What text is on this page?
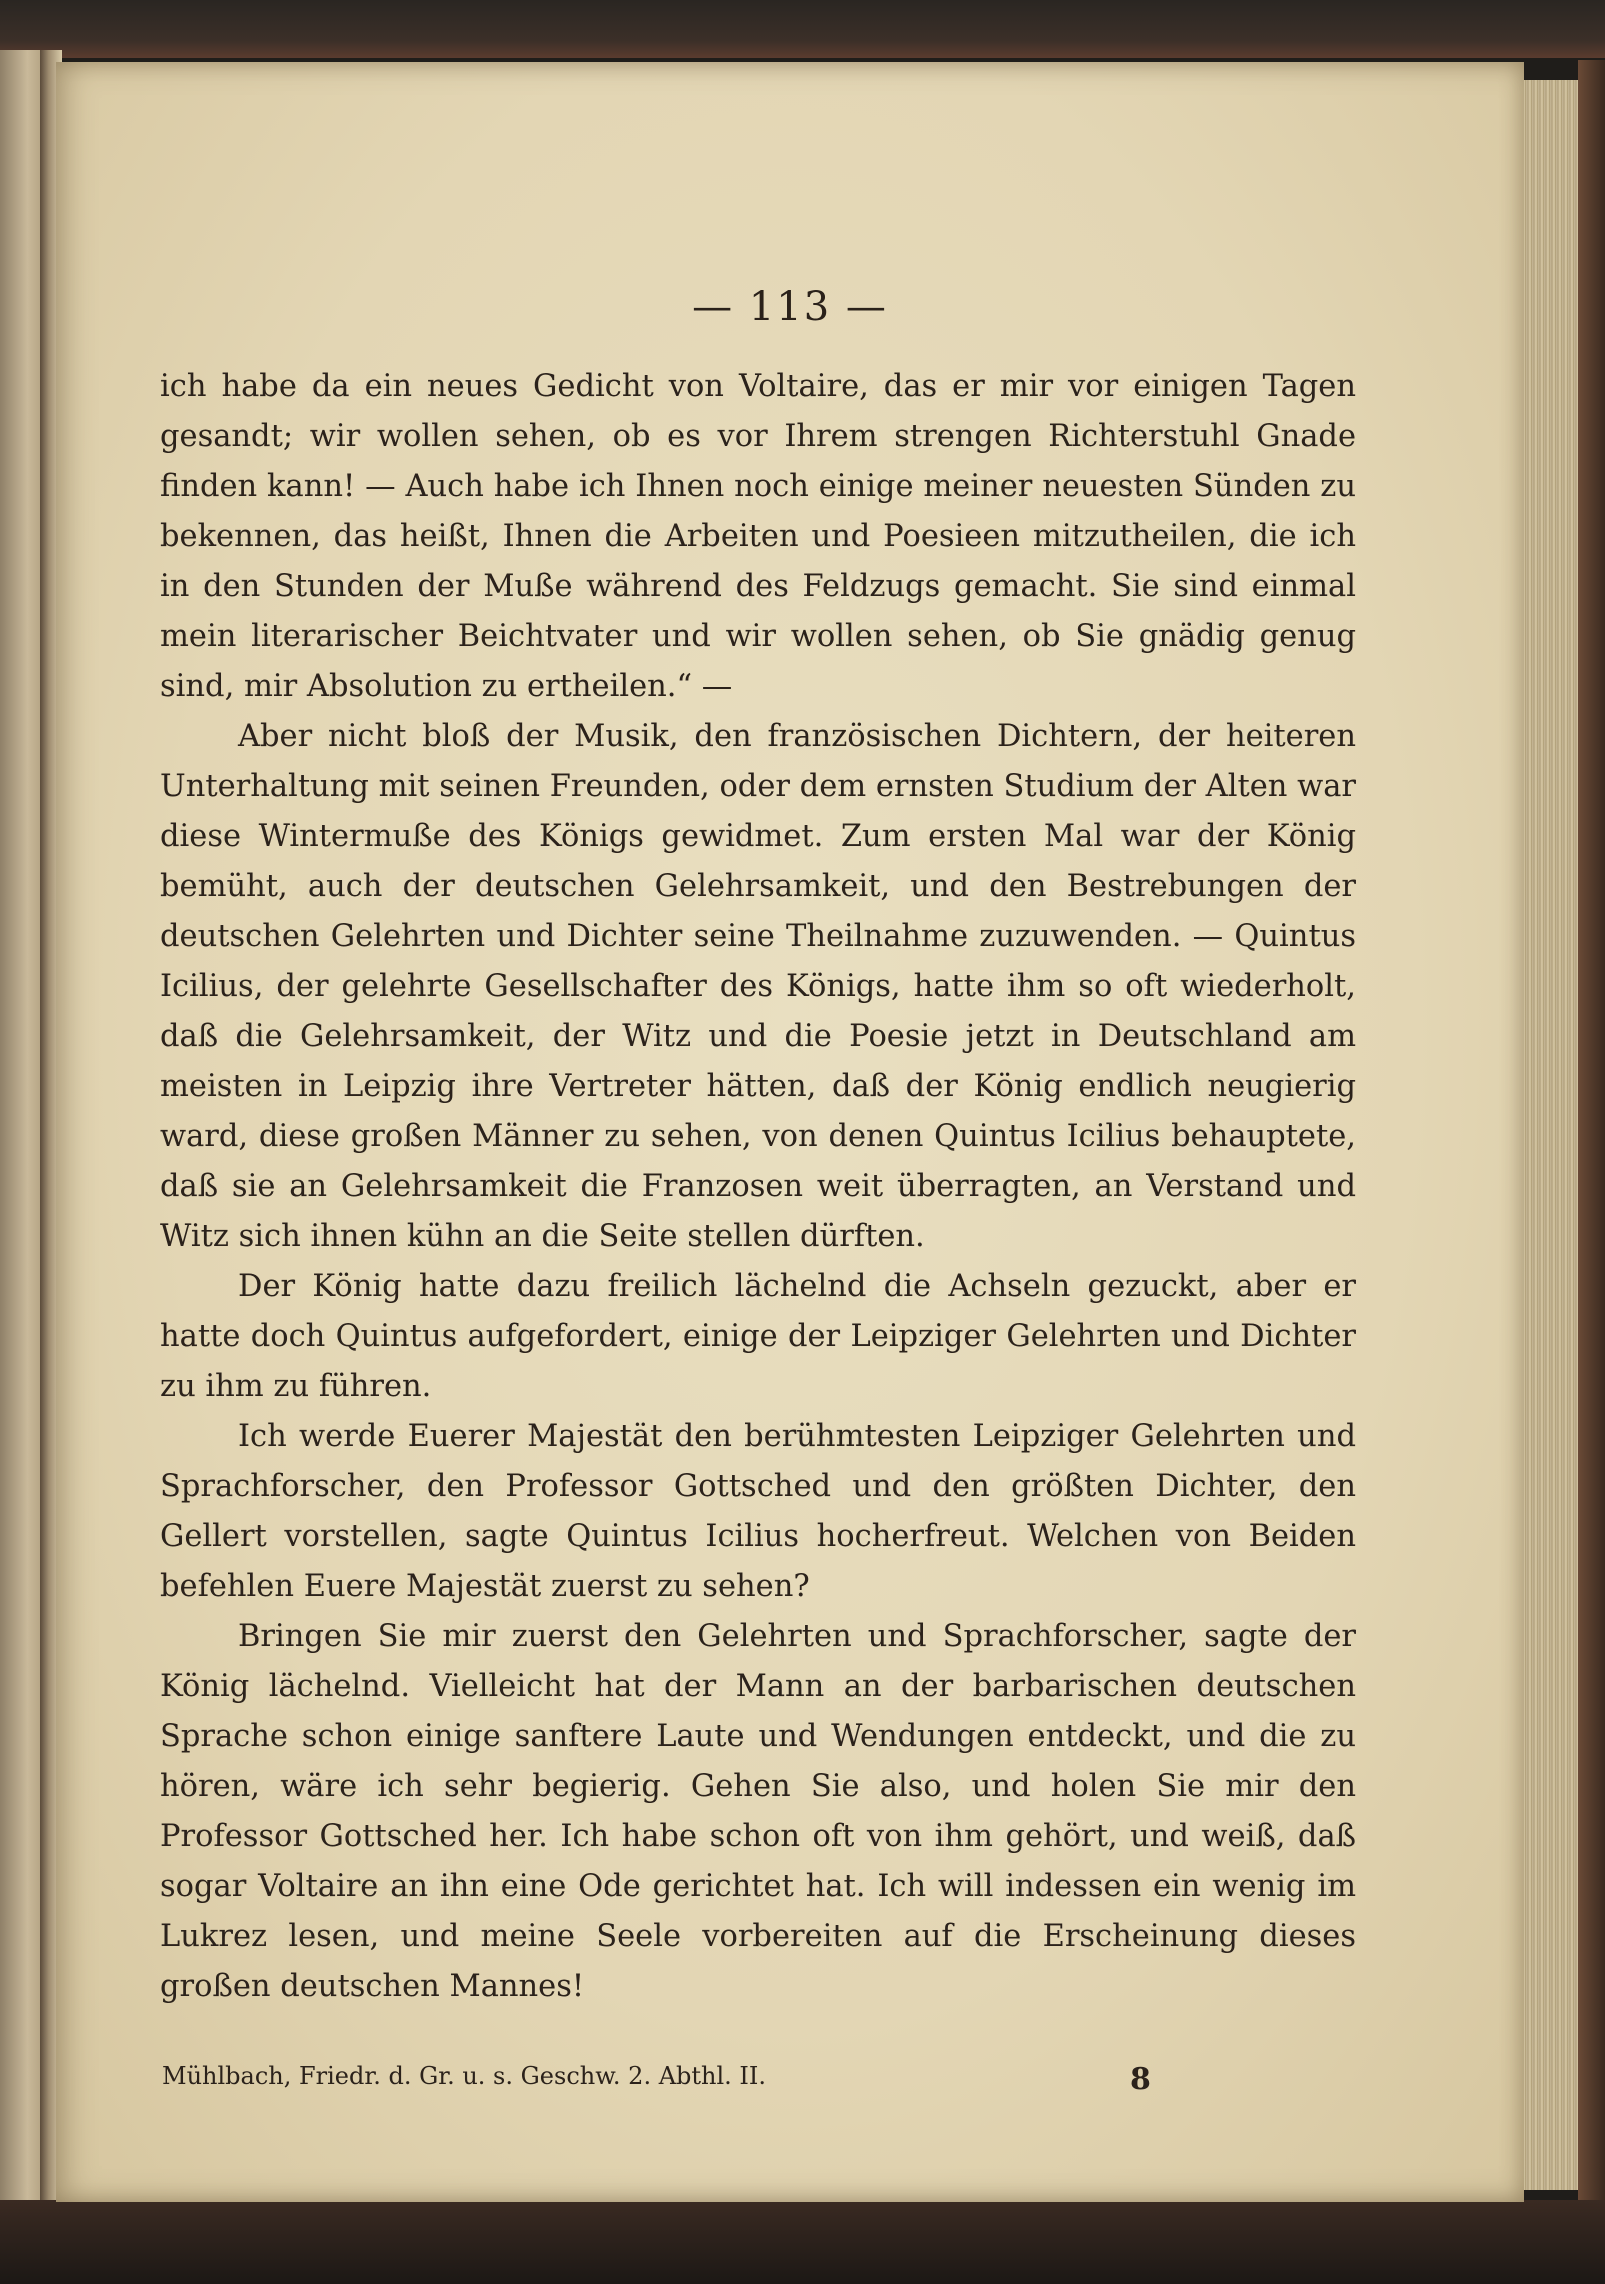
— 113 —

ich habe da ein neues Gedicht von Voltaire, das er mir vor einigen Tagen gesandt; wir wollen sehen, ob es vor Ihrem strengen Richterstuhl Gnade finden kann! — Auch habe ich Ihnen noch einige meiner neuesten Sünden zu bekennen, das heißt, Ihnen die Arbeiten und Poesieen mitzutheilen, die ich in den Stunden der Muße während des Feldzugs gemacht. Sie sind einmal mein literarischer Beichtvater und wir wollen sehen, ob Sie gnädig genug sind, mir Absolution zu ertheilen.“ —

Aber nicht bloß der Musik, den französischen Dichtern, der heiteren Unterhaltung mit seinen Freunden, oder dem ernsten Studium der Alten war diese Wintermuße des Königs gewidmet. Zum ersten Mal war der König bemüht, auch der deutschen Gelehrsamkeit, und den Bestrebungen der deutschen Gelehrten und Dichter seine Theilnahme zuzuwenden. — Quintus Icilius, der gelehrte Gesellschafter des Königs, hatte ihm so oft wiederholt, daß die Gelehrsamkeit, der Witz und die Poesie jetzt in Deutschland am meisten in Leipzig ihre Vertreter hätten, daß der König endlich neugierig ward, diese großen Männer zu sehen, von denen Quintus Icilius behauptete, daß sie an Gelehrsamkeit die Franzosen weit überragten, an Verstand und Witz sich ihnen kühn an die Seite stellen dürften.

Der König hatte dazu freilich lächelnd die Achseln gezuckt, aber er hatte doch Quintus aufgefordert, einige der Leipziger Gelehrten und Dichter zu ihm zu führen.

Ich werde Euerer Majestät den berühmtesten Leipziger Gelehrten und Sprachforscher, den Professor Gottsched und den größten Dichter, den Gellert vorstellen, sagte Quintus Icilius hocherfreut. Welchen von Beiden befehlen Euere Majestät zuerst zu sehen?

Bringen Sie mir zuerst den Gelehrten und Sprachforscher, sagte der König lächelnd. Vielleicht hat der Mann an der barbarischen deutschen Sprache schon einige sanftere Laute und Wendungen entdeckt, und die zu hören, wäre ich sehr begierig. Gehen Sie also, und holen Sie mir den Professor Gottsched her. Ich habe schon oft von ihm gehört, und weiß, daß sogar Voltaire an ihn eine Ode gerichtet hat. Ich will indessen ein wenig im Lukrez lesen, und meine Seele vorbereiten auf die Erscheinung dieses großen deutschen Mannes!

Mühlbach, Friedr. d. Gr. u. s. Geschw. 2. Abthl. II.	8
